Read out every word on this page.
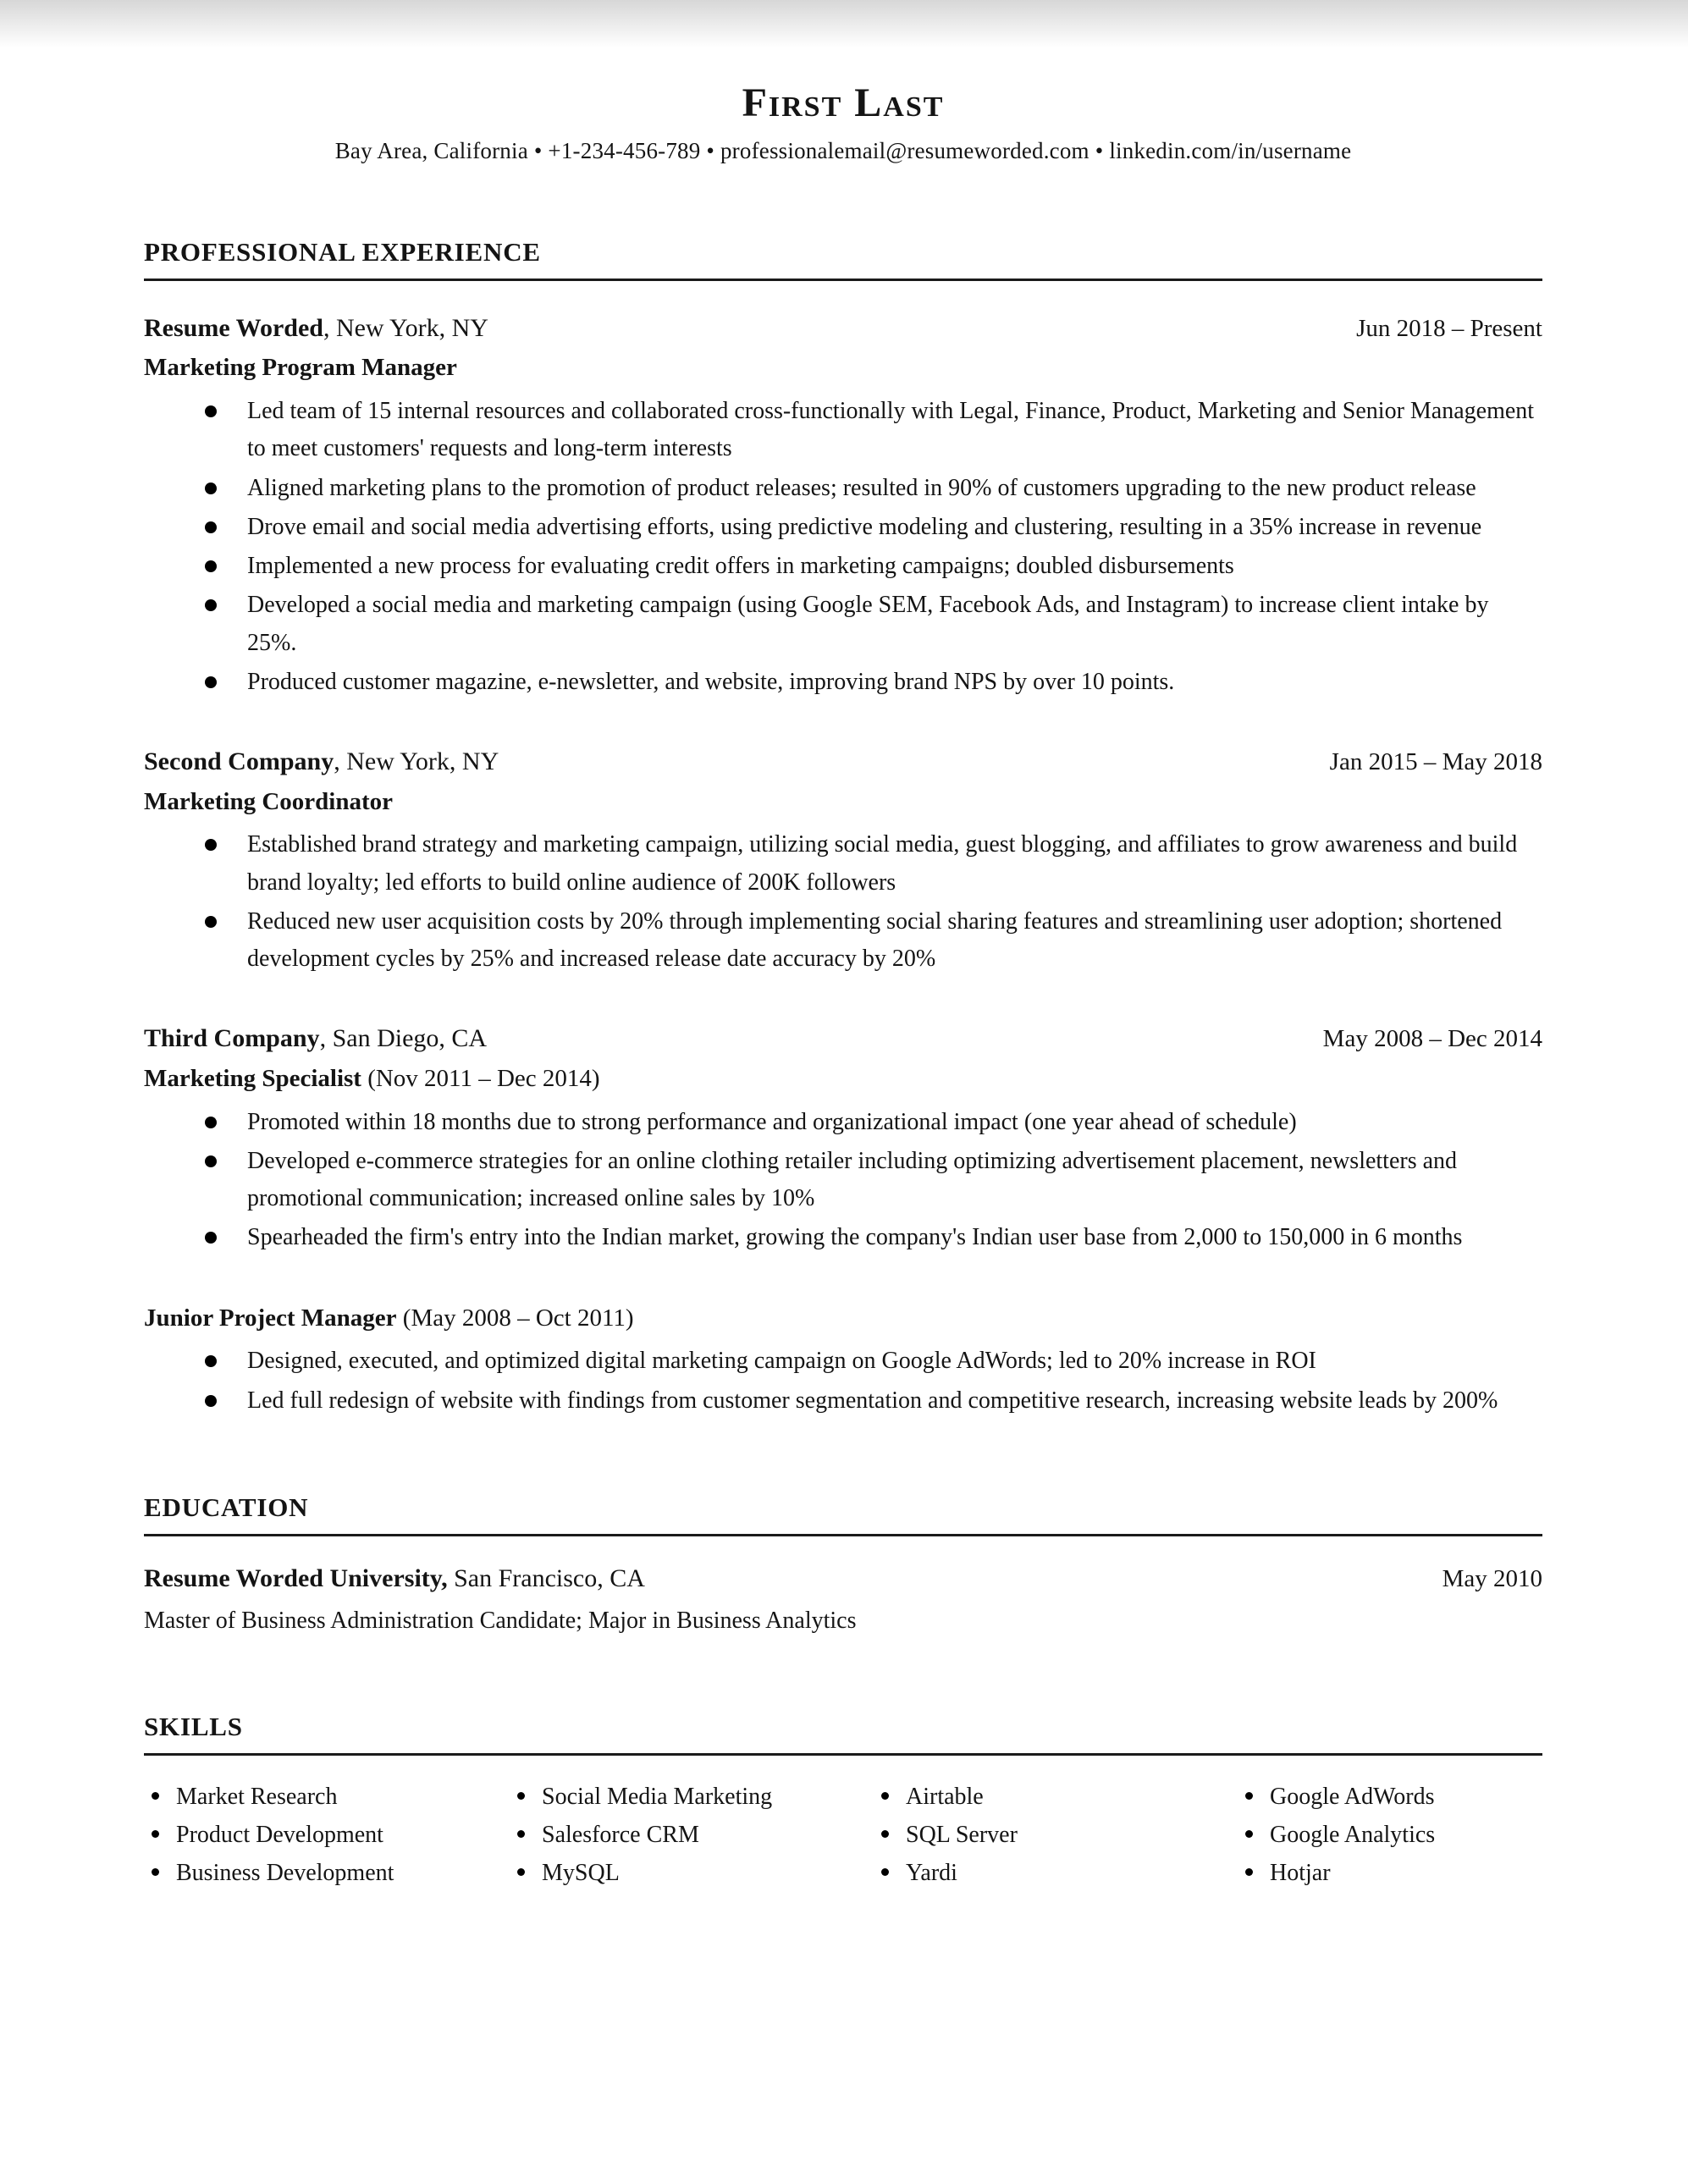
First Last
Bay Area, California • +1-234-456-789 • professionalemail@resumeworded.com • linkedin.com/in/username
PROFESSIONAL EXPERIENCE
Resume Worded, New York, NY	Jun 2018 – Present
Marketing Program Manager
Led team of 15 internal resources and collaborated cross-functionally with Legal, Finance, Product, Marketing and Senior Management to meet customers' requests and long-term interests
Aligned marketing plans to the promotion of product releases; resulted in 90% of customers upgrading to the new product release
Drove email and social media advertising efforts, using predictive modeling and clustering, resulting in a 35% increase in revenue
Implemented a new process for evaluating credit offers in marketing campaigns; doubled disbursements
Developed a social media and marketing campaign (using Google SEM, Facebook Ads, and Instagram) to increase client intake by 25%.
Produced customer magazine, e-newsletter, and website, improving brand NPS by over 10 points.
Second Company, New York, NY	Jan 2015 – May 2018
Marketing Coordinator
Established brand strategy and marketing campaign, utilizing social media, guest blogging, and affiliates to grow awareness and build brand loyalty; led efforts to build online audience of 200K followers
Reduced new user acquisition costs by 20% through implementing social sharing features and streamlining user adoption; shortened development cycles by 25% and increased release date accuracy by 20%
Third Company, San Diego, CA	May 2008 – Dec 2014
Marketing Specialist (Nov 2011 – Dec 2014)
Promoted within 18 months due to strong performance and organizational impact (one year ahead of schedule)
Developed e-commerce strategies for an online clothing retailer including optimizing advertisement placement, newsletters and promotional communication; increased online sales by 10%
Spearheaded the firm's entry into the Indian market, growing the company's Indian user base from 2,000 to 150,000 in 6 months
Junior Project Manager (May 2008 – Oct 2011)
Designed, executed, and optimized digital marketing campaign on Google AdWords; led to 20% increase in ROI
Led full redesign of website with findings from customer segmentation and competitive research, increasing website leads by 200%
EDUCATION
Resume Worded University, San Francisco, CA	May 2010
Master of Business Administration Candidate; Major in Business Analytics
SKILLS
Market Research
Product Development
Business Development
Social Media Marketing
Salesforce CRM
MySQL
Airtable
SQL Server
Yardi
Google AdWords
Google Analytics
Hotjar
